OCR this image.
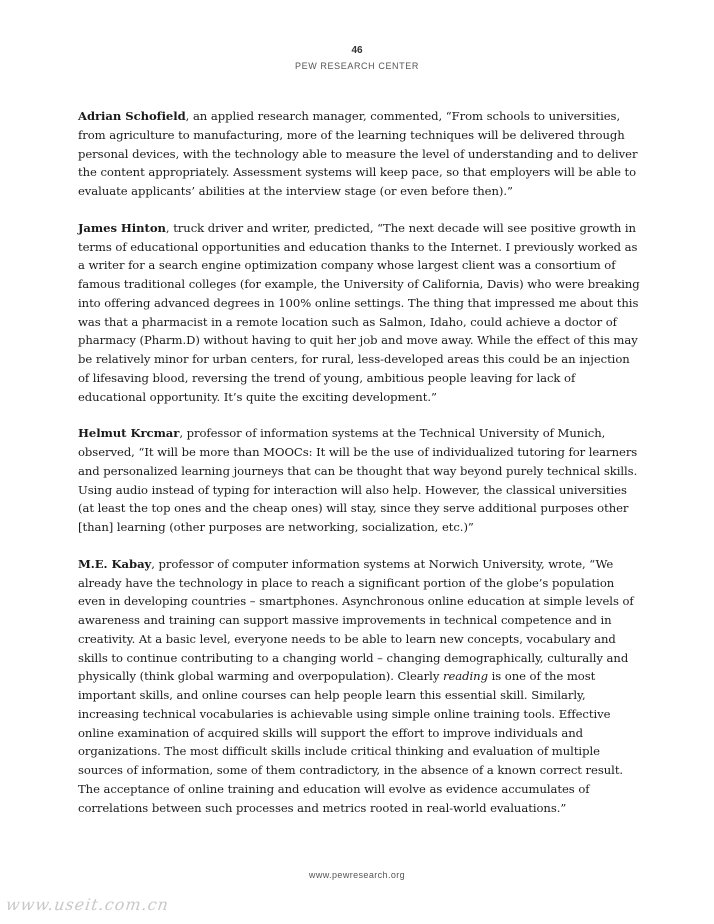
46
PEW RESEARCH CENTER

Adrian Schofield, an applied research manager, commented, “From schools to universities, from agriculture to manufacturing, more of the learning techniques will be delivered through personal devices, with the technology able to measure the level of understanding and to deliver the content appropriately. Assessment systems will keep pace, so that employers will be able to evaluate applicants’ abilities at the interview stage (or even before then).”

James Hinton, truck driver and writer, predicted, “The next decade will see positive growth in terms of educational opportunities and education thanks to the Internet. I previously worked as a writer for a search engine optimization company whose largest client was a consortium of famous traditional colleges (for example, the University of California, Davis) who were breaking into offering advanced degrees in 100% online settings. The thing that impressed me about this was that a pharmacist in a remote location such as Salmon, Idaho, could achieve a doctor of pharmacy (Pharm.D) without having to quit her job and move away. While the effect of this may be relatively minor for urban centers, for rural, less-developed areas this could be an injection of lifesaving blood, reversing the trend of young, ambitious people leaving for lack of educational opportunity. It’s quite the exciting development.”

Helmut Krcmar, professor of information systems at the Technical University of Munich, observed, “It will be more than MOOCs: It will be the use of individualized tutoring for learners and personalized learning journeys that can be thought that way beyond purely technical skills. Using audio instead of typing for interaction will also help. However, the classical universities (at least the top ones and the cheap ones) will stay, since they serve additional purposes other [than] learning (other purposes are networking, socialization, etc.)”

M.E. Kabay, professor of computer information systems at Norwich University, wrote, “We already have the technology in place to reach a significant portion of the globe’s population even in developing countries – smartphones. Asynchronous online education at simple levels of awareness and training can support massive improvements in technical competence and in creativity. At a basic level, everyone needs to be able to learn new concepts, vocabulary and skills to continue contributing to a changing world – changing demographically, culturally and physically (think global warming and overpopulation). Clearly reading is one of the most important skills, and online courses can help people learn this essential skill. Similarly, increasing technical vocabularies is achievable using simple online training tools. Effective online examination of acquired skills will support the effort to improve individuals and organizations. The most difficult skills include critical thinking and evaluation of multiple sources of information, some of them contradictory, in the absence of a known correct result. The acceptance of online training and education will evolve as evidence accumulates of correlations between such processes and metrics rooted in real-world evaluations.”

www.pewresearch.org
www.useit.com.cn
